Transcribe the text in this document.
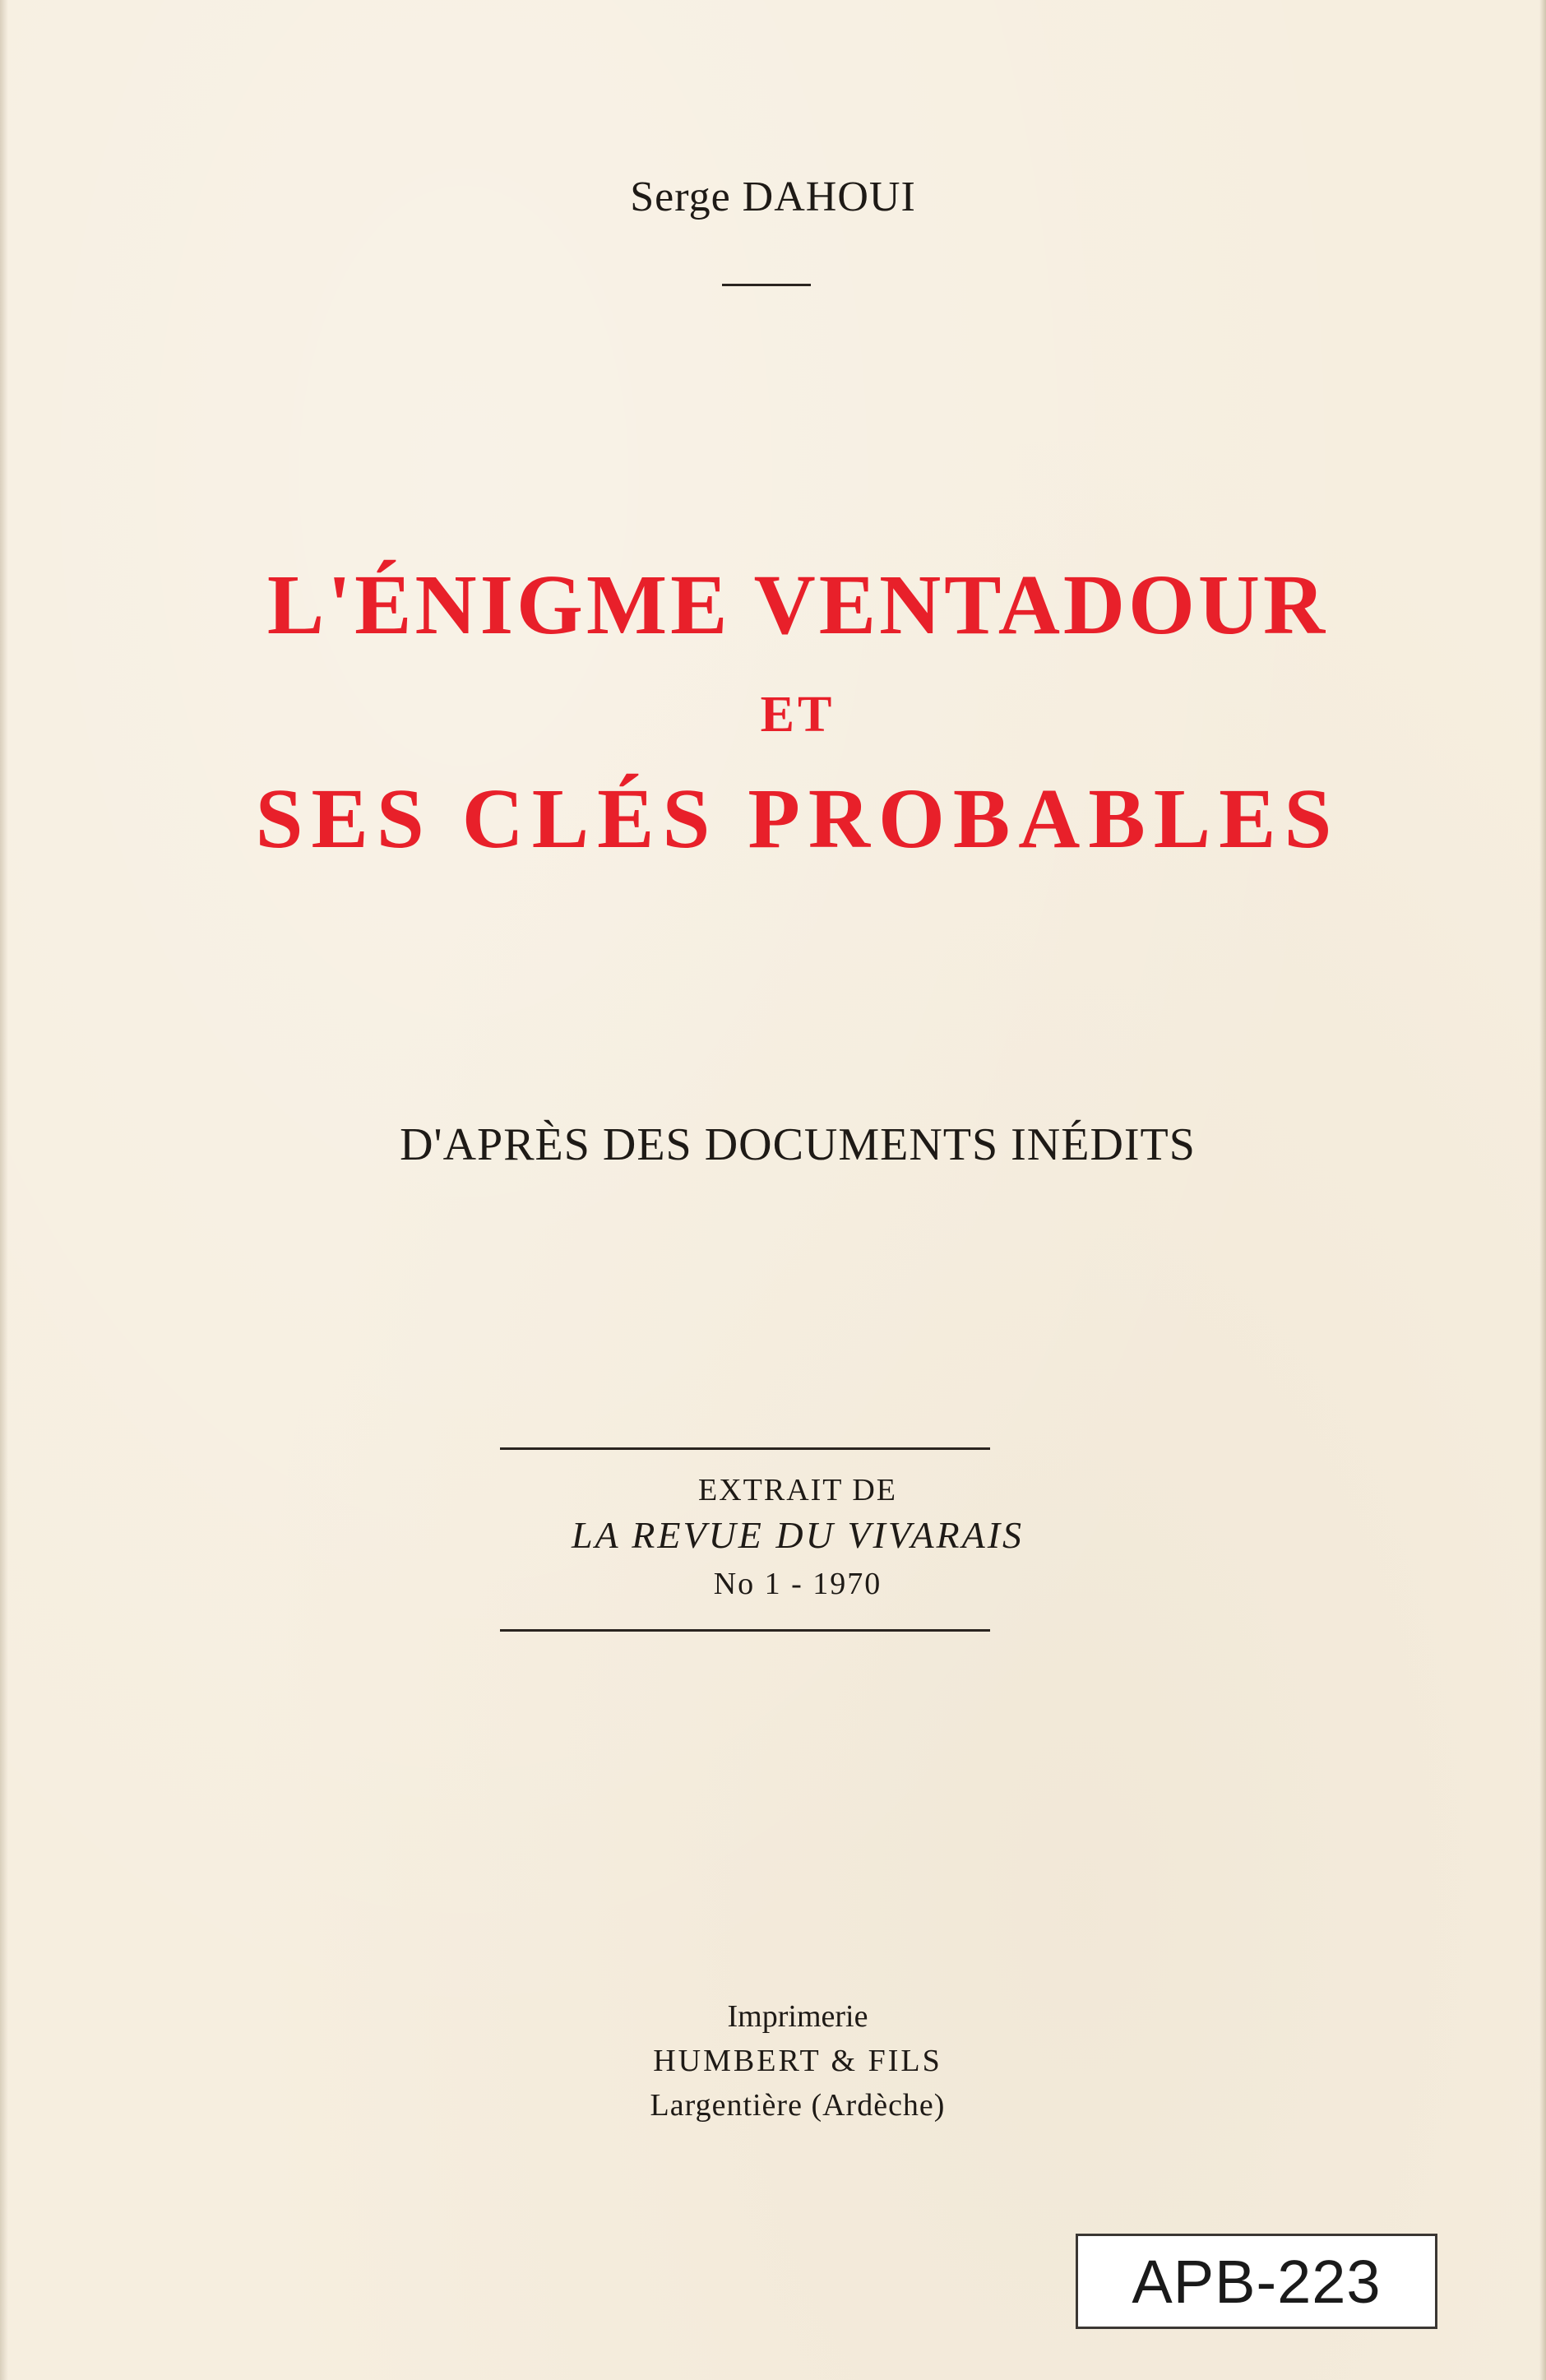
Serge DAHOUI
L'ÉNIGME VENTADOUR
ET
SES CLÉS PROBABLES
D'APRÈS DES DOCUMENTS INÉDITS
EXTRAIT DE
LA REVUE DU VIVARAIS
No 1 - 1970
Imprimerie
HUMBERT & FILS
Largentière (Ardèche)
APB-223
